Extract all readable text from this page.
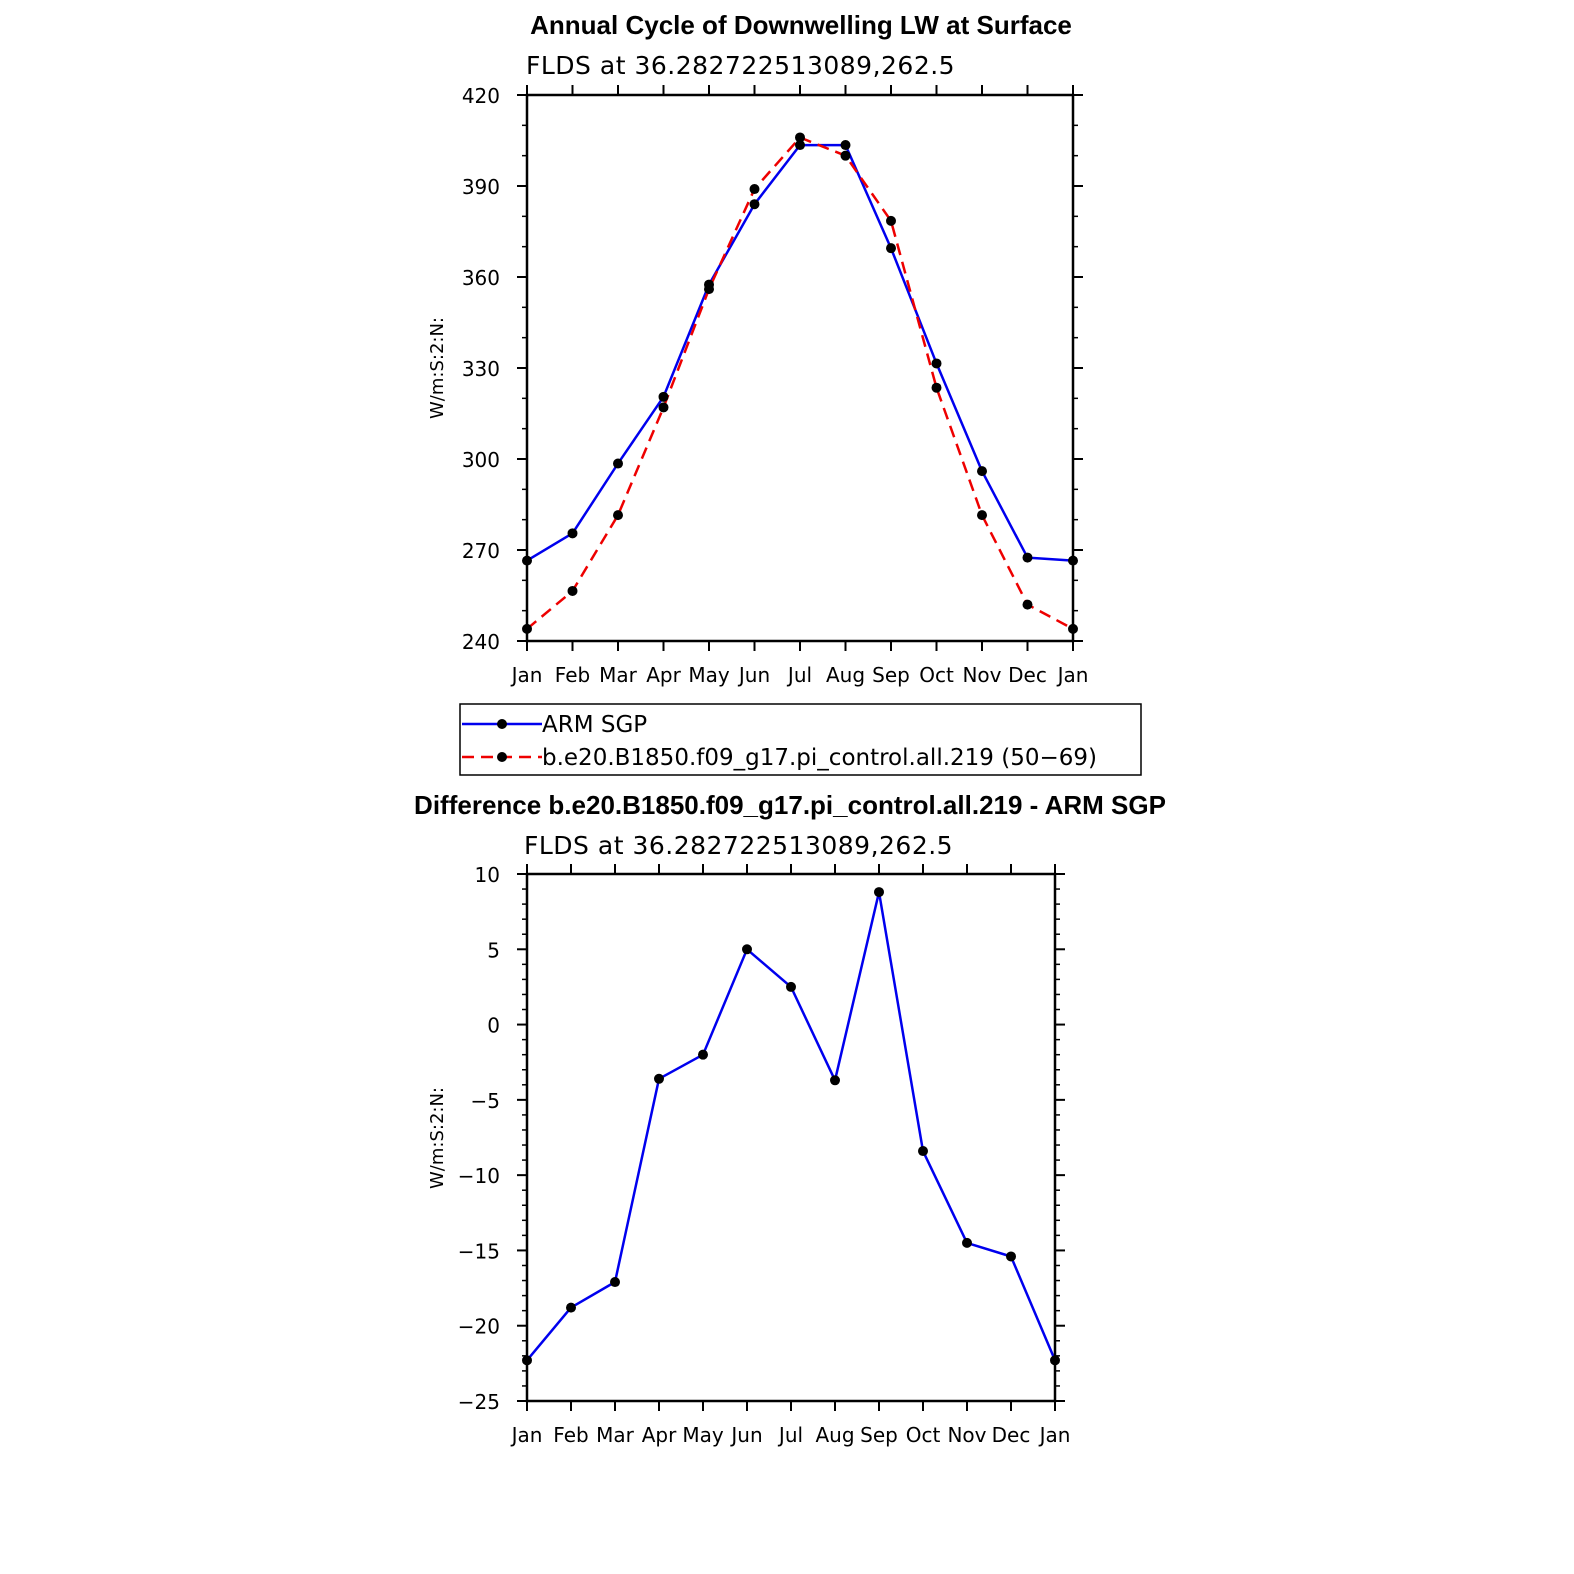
Annual Cycle of Downwelling LW at Surface
FLDS at 36.282722513089,262.5
W/m:S:2:N:
Jan Feb Mar Apr May Jun Jul Aug Sep Oct Nov Dec Jan
240
270
300
330
360
390
420
ARM SGP
b.e20.B1850.f09_g17.pi_control.all.219 (50−69)
Difference b.e20.B1850.f09_g17.pi_control.all.219 - ARM SGP
FLDS at 36.282722513089,262.5
W/m:S:2:N:
Jan Feb Mar Apr May Jun Jul Aug Sep Oct Nov Dec Jan
−25
−20
−15
−10
−5
0
5
10
